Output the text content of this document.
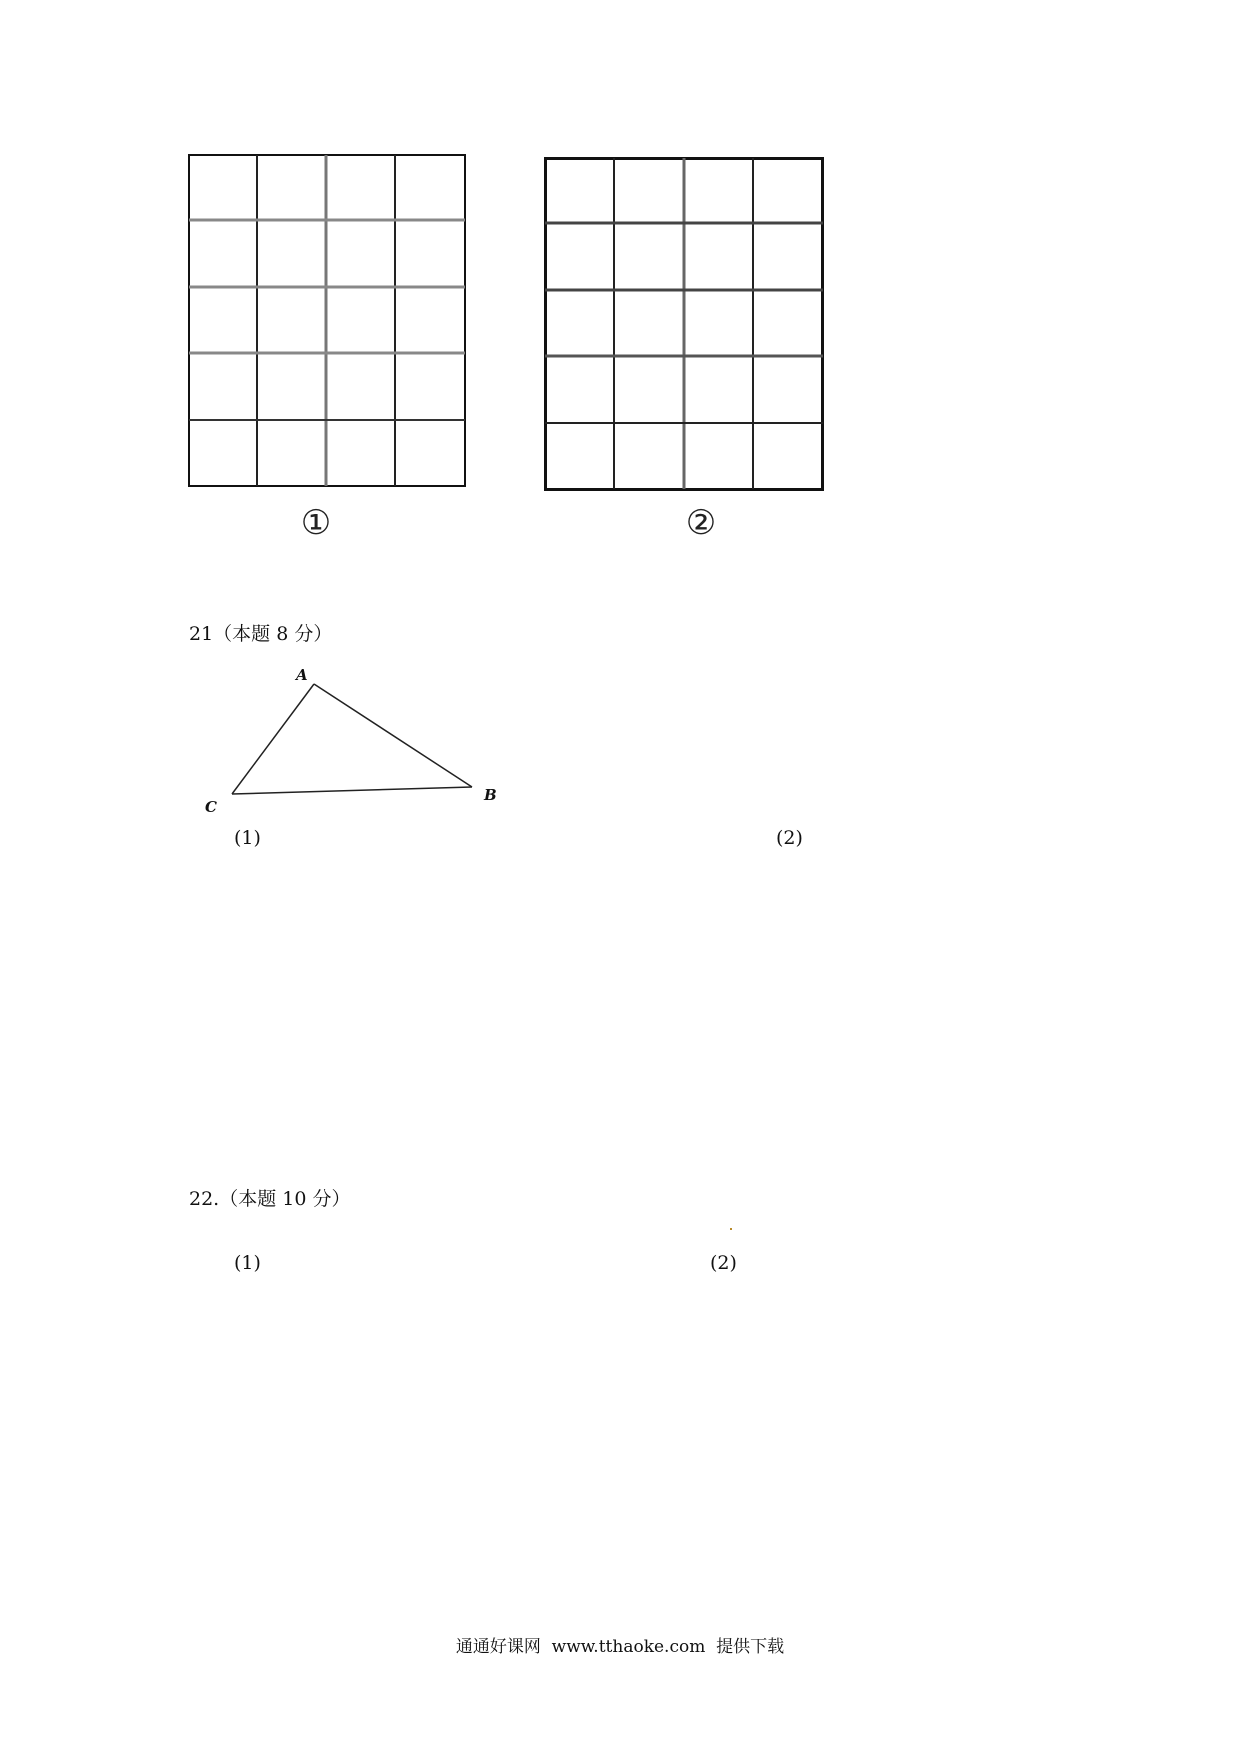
①	②
21（本题 8 分）
A
B
C
(1)	(2)
22.（本题 10 分）
(1)	(2)
通通好课网  www.tthaoke.com  提供下载
